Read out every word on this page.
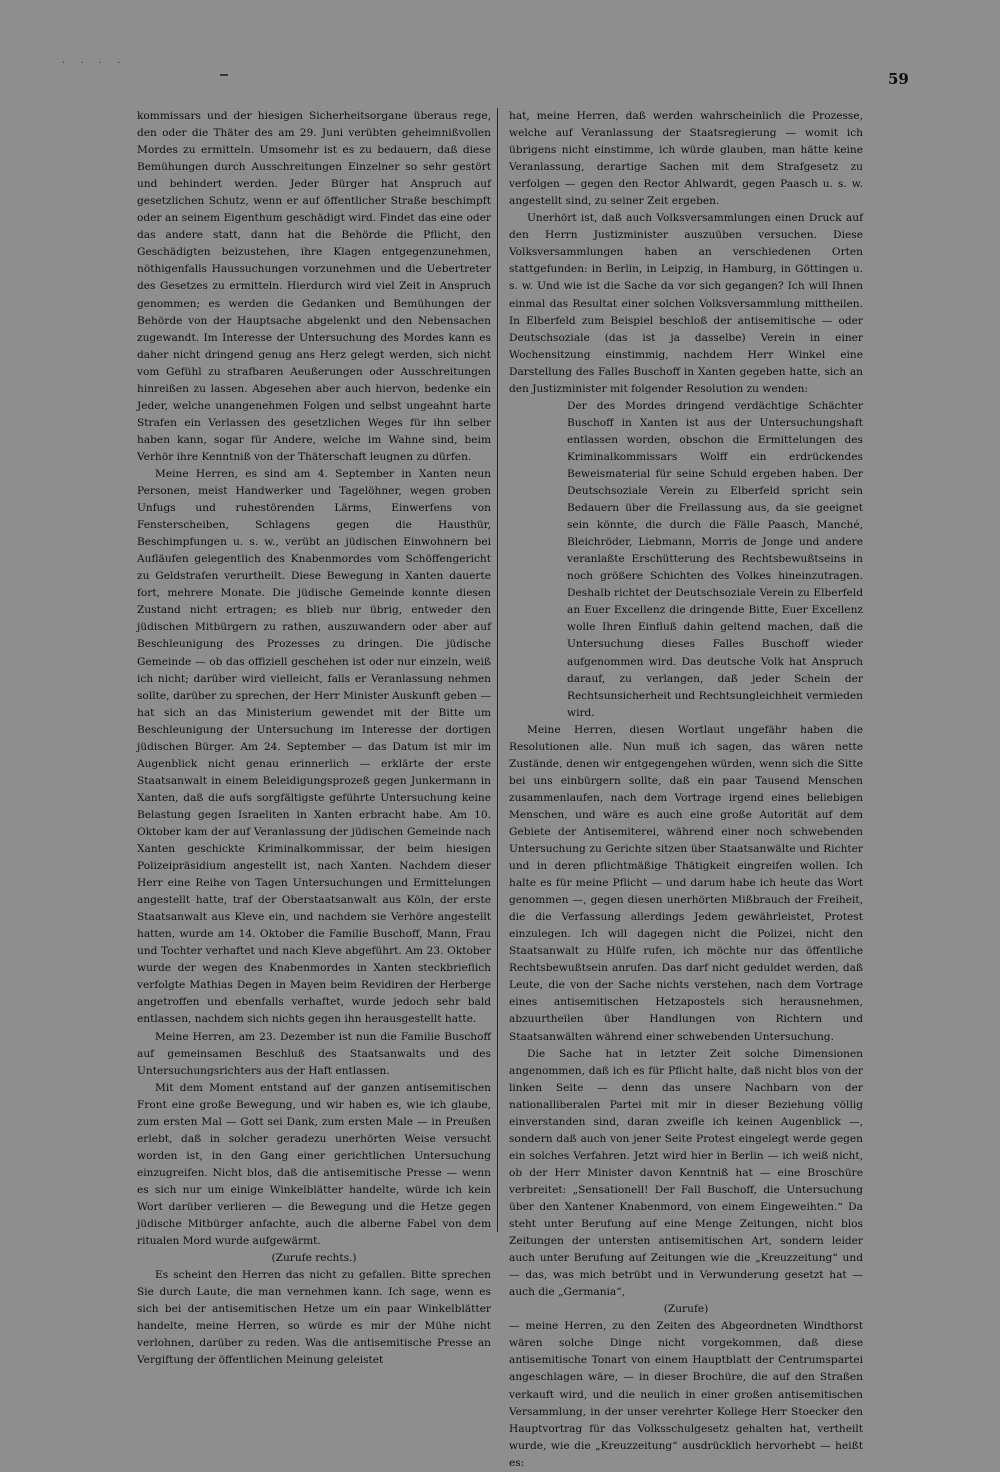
· · · ·
59

kommissars und der hiesigen Sicherheitsorgane überaus rege, den oder die Thäter des am 29. Juni verübten geheimnißvollen Mordes zu ermitteln. Umsomehr ist es zu bedauern, daß diese Bemühungen durch Ausschreitungen Einzelner so sehr gestört und behindert werden. Jeder Bürger hat Anspruch auf gesetzlichen Schutz, wenn er auf öffentlicher Straße beschimpft oder an seinem Eigenthum geschädigt wird. Findet das eine oder das andere statt, dann hat die Behörde die Pflicht, den Geschädigten beizustehen, ihre Klagen entgegenzunehmen, nöthigenfalls Haussuchungen vorzunehmen und die Uebertreter des Gesetzes zu ermitteln. Hierdurch wird viel Zeit in Anspruch genommen; es werden die Gedanken und Bemühungen der Behörde von der Hauptsache abgelenkt und den Nebensachen zugewandt. Im Interesse der Untersuchung des Mordes kann es daher nicht dringend genug ans Herz gelegt werden, sich nicht vom Gefühl zu strafbaren Aeußerungen oder Ausschreitungen hinreißen zu lassen. Abgesehen aber auch hiervon, bedenke ein Jeder, welche unangenehmen Folgen und selbst ungeahnt harte Strafen ein Verlassen des gesetzlichen Weges für ihn selber haben kann, sogar für Andere, welche im Wahne sind, beim Verhör ihre Kenntniß von der Thäterschaft leugnen zu dürfen.

Meine Herren, es sind am 4. September in Xanten neun Personen, meist Handwerker und Tagelöhner, wegen groben Unfugs und ruhestörenden Lärms, Einwerfens von Fensterscheiben, Schlagens gegen die Hausthür, Beschimpfungen u. s. w., verübt an jüdischen Einwohnern bei Aufläufen gelegentlich des Knabenmordes vom Schöffengericht zu Geldstrafen verurtheilt. Diese Bewegung in Xanten dauerte fort, mehrere Monate. Die jüdische Gemeinde konnte diesen Zustand nicht ertragen; es blieb nur übrig, entweder den jüdischen Mitbürgern zu rathen, auszuwandern oder aber auf Beschleunigung des Prozesses zu dringen. Die jüdische Gemeinde — ob das offiziell geschehen ist oder nur einzeln, weiß ich nicht; darüber wird vielleicht, falls er Veranlassung nehmen sollte, darüber zu sprechen, der Herr Minister Auskunft geben — hat sich an das Ministerium gewendet mit der Bitte um Beschleunigung der Untersuchung im Interesse der dortigen jüdischen Bürger. Am 24. September — das Datum ist mir im Augenblick nicht genau erinnerlich — erklärte der erste Staatsanwalt in einem Beleidigungsprozeß gegen Junkermann in Xanten, daß die aufs sorgfältigste geführte Untersuchung keine Belastung gegen Israeliten in Xanten erbracht habe. Am 10. Oktober kam der auf Veranlassung der jüdischen Gemeinde nach Xanten geschickte Kriminalkommissar, der beim hiesigen Polizeipräsidium angestellt ist, nach Xanten. Nachdem dieser Herr eine Reihe von Tagen Untersuchungen und Ermittelungen angestellt hatte, traf der Oberstaatsanwalt aus Köln, der erste Staatsanwalt aus Kleve ein, und nachdem sie Verhöre angestellt hatten, wurde am 14. Oktober die Familie Buschoff, Mann, Frau und Tochter verhaftet und nach Kleve abgeführt. Am 23. Oktober wurde der wegen des Knabenmordes in Xanten steckbrieflich verfolgte Mathias Degen in Mayen beim Revidiren der Herberge angetroffen und ebenfalls verhaftet, wurde jedoch sehr bald entlassen, nachdem sich nichts gegen ihn herausgestellt hatte.

Meine Herren, am 23. Dezember ist nun die Familie Buschoff auf gemeinsamen Beschluß des Staatsanwalts und des Untersuchungsrichters aus der Haft entlassen.

Mit dem Moment entstand auf der ganzen antisemitischen Front eine große Bewegung, und wir haben es, wie ich glaube, zum ersten Mal — Gott sei Dank, zum ersten Male — in Preußen erlebt, daß in solcher geradezu unerhörten Weise versucht worden ist, in den Gang einer gerichtlichen Untersuchung einzugreifen. Nicht blos, daß die antisemitische Presse — wenn es sich nur um einige Winkelblätter handelte, würde ich kein Wort darüber verlieren — die Bewegung und die Hetze gegen jüdische Mitbürger anfachte, auch die alberne Fabel von dem ritualen Mord wurde aufgewärmt.

(Zurufe rechts.)

Es scheint den Herren das nicht zu gefallen. Bitte sprechen Sie durch Laute, die man vernehmen kann. Ich sage, wenn es sich bei der antisemitischen Hetze um ein paar Winkelblätter handelte, meine Herren, so würde es mir der Mühe nicht verlohnen, darüber zu reden. Was die antisemitische Presse an Vergiftung der öffentlichen Meinung geleistet

hat, meine Herren, daß werden wahrscheinlich die Prozesse, welche auf Veranlassung der Staatsregierung — womit ich übrigens nicht einstimme, ich würde glauben, man hätte keine Veranlassung, derartige Sachen mit dem Strafgesetz zu verfolgen — gegen den Rector Ahlwardt, gegen Paasch u. s. w. angestellt sind, zu seiner Zeit ergeben.

Unerhört ist, daß auch Volksversammlungen einen Druck auf den Herrn Justizminister auszuüben versuchen. Diese Volksversammlungen haben an verschiedenen Orten stattgefunden: in Berlin, in Leipzig, in Hamburg, in Göttingen u. s. w. Und wie ist die Sache da vor sich gegangen? Ich will Ihnen einmal das Resultat einer solchen Volksversammlung mittheilen. In Elberfeld zum Beispiel beschloß der antisemitische — oder Deutschsoziale (das ist ja dasselbe) Verein in einer Wochensitzung einstimmig, nachdem Herr Winkel eine Darstellung des Falles Buschoff in Xanten gegeben hatte, sich an den Justizminister mit folgender Resolution zu wenden:

Der des Mordes dringend verdächtige Schächter Buschoff in Xanten ist aus der Untersuchungshaft entlassen worden, obschon die Ermittelungen des Kriminalkommissars Wolff ein erdrückendes Beweismaterial für seine Schuld ergeben haben. Der Deutschsoziale Verein zu Elberfeld spricht sein Bedauern über die Freilassung aus, da sie geeignet sein könnte, die durch die Fälle Paasch, Manché, Bleichröder, Liebmann, Morris de Jonge und andere veranlaßte Erschütterung des Rechtsbewußtseins in noch größere Schichten des Volkes hineinzutragen. Deshalb richtet der Deutschsoziale Verein zu Elberfeld an Euer Excellenz die dringende Bitte, Euer Excellenz wolle Ihren Einfluß dahin geltend machen, daß die Untersuchung dieses Falles Buschoff wieder aufgenommen wird. Das deutsche Volk hat Anspruch darauf, zu verlangen, daß jeder Schein der Rechtsunsicherheit und Rechtsungleichheit vermieden wird.

Meine Herren, diesen Wortlaut ungefähr haben die Resolutionen alle. Nun muß ich sagen, das wären nette Zustände, denen wir entgegengehen würden, wenn sich die Sitte bei uns einbürgern sollte, daß ein paar Tausend Menschen zusammenlaufen, nach dem Vortrage irgend eines beliebigen Menschen, und wäre es auch eine große Autorität auf dem Gebiete der Antisemiterei, während einer noch schwebenden Untersuchung zu Gerichte sitzen über Staatsanwälte und Richter und in deren pflichtmäßige Thätigkeit eingreifen wollen. Ich halte es für meine Pflicht — und darum habe ich heute das Wort genommen —, gegen diesen unerhörten Mißbrauch der Freiheit, die die Verfassung allerdings Jedem gewährleistet, Protest einzulegen. Ich will dagegen nicht die Polizei, nicht den Staatsanwalt zu Hülfe rufen, ich möchte nur das öffentliche Rechtsbewußtsein anrufen. Das darf nicht geduldet werden, daß Leute, die von der Sache nichts verstehen, nach dem Vortrage eines antisemitischen Hetzapostels sich herausnehmen, abzuurtheilen über Handlungen von Richtern und Staatsanwälten während einer schwebenden Untersuchung.

Die Sache hat in letzter Zeit solche Dimensionen angenommen, daß ich es für Pflicht halte, daß nicht blos von der linken Seite — denn das unsere Nachbarn von der nationalliberalen Partei mit mir in dieser Beziehung völlig einverstanden sind, daran zweifle ich keinen Augenblick —, sondern daß auch von jener Seite Protest eingelegt werde gegen ein solches Verfahren. Jetzt wird hier in Berlin — ich weiß nicht, ob der Herr Minister davon Kenntniß hat — eine Broschüre verbreitet: „Sensationell! Der Fall Buschoff, die Untersuchung über den Xantener Knabenmord, von einem Eingeweihten.“ Da steht unter Berufung auf eine Menge Zeitungen, nicht blos Zeitungen der untersten antisemitischen Art, sondern leider auch unter Berufung auf Zeitungen wie die „Kreuzzeitung“ und — das, was mich betrübt und in Verwunderung gesetzt hat — auch die „Germania“,

(Zurufe)

— meine Herren, zu den Zeiten des Abgeordneten Windthorst wären solche Dinge nicht vorgekommen, daß diese antisemitische Tonart von einem Hauptblatt der Centrumspartei angeschlagen wäre, — in dieser Brochüre, die auf den Straßen verkauft wird, und die neulich in einer großen antisemitischen Versammlung, in der unser verehrter Kollege Herr Stoecker den Hauptvortrag für das Volksschulgesetz gehalten hat, vertheilt wurde, wie die „Kreuzzeitung“ ausdrücklich hervorhebt — heißt es:
